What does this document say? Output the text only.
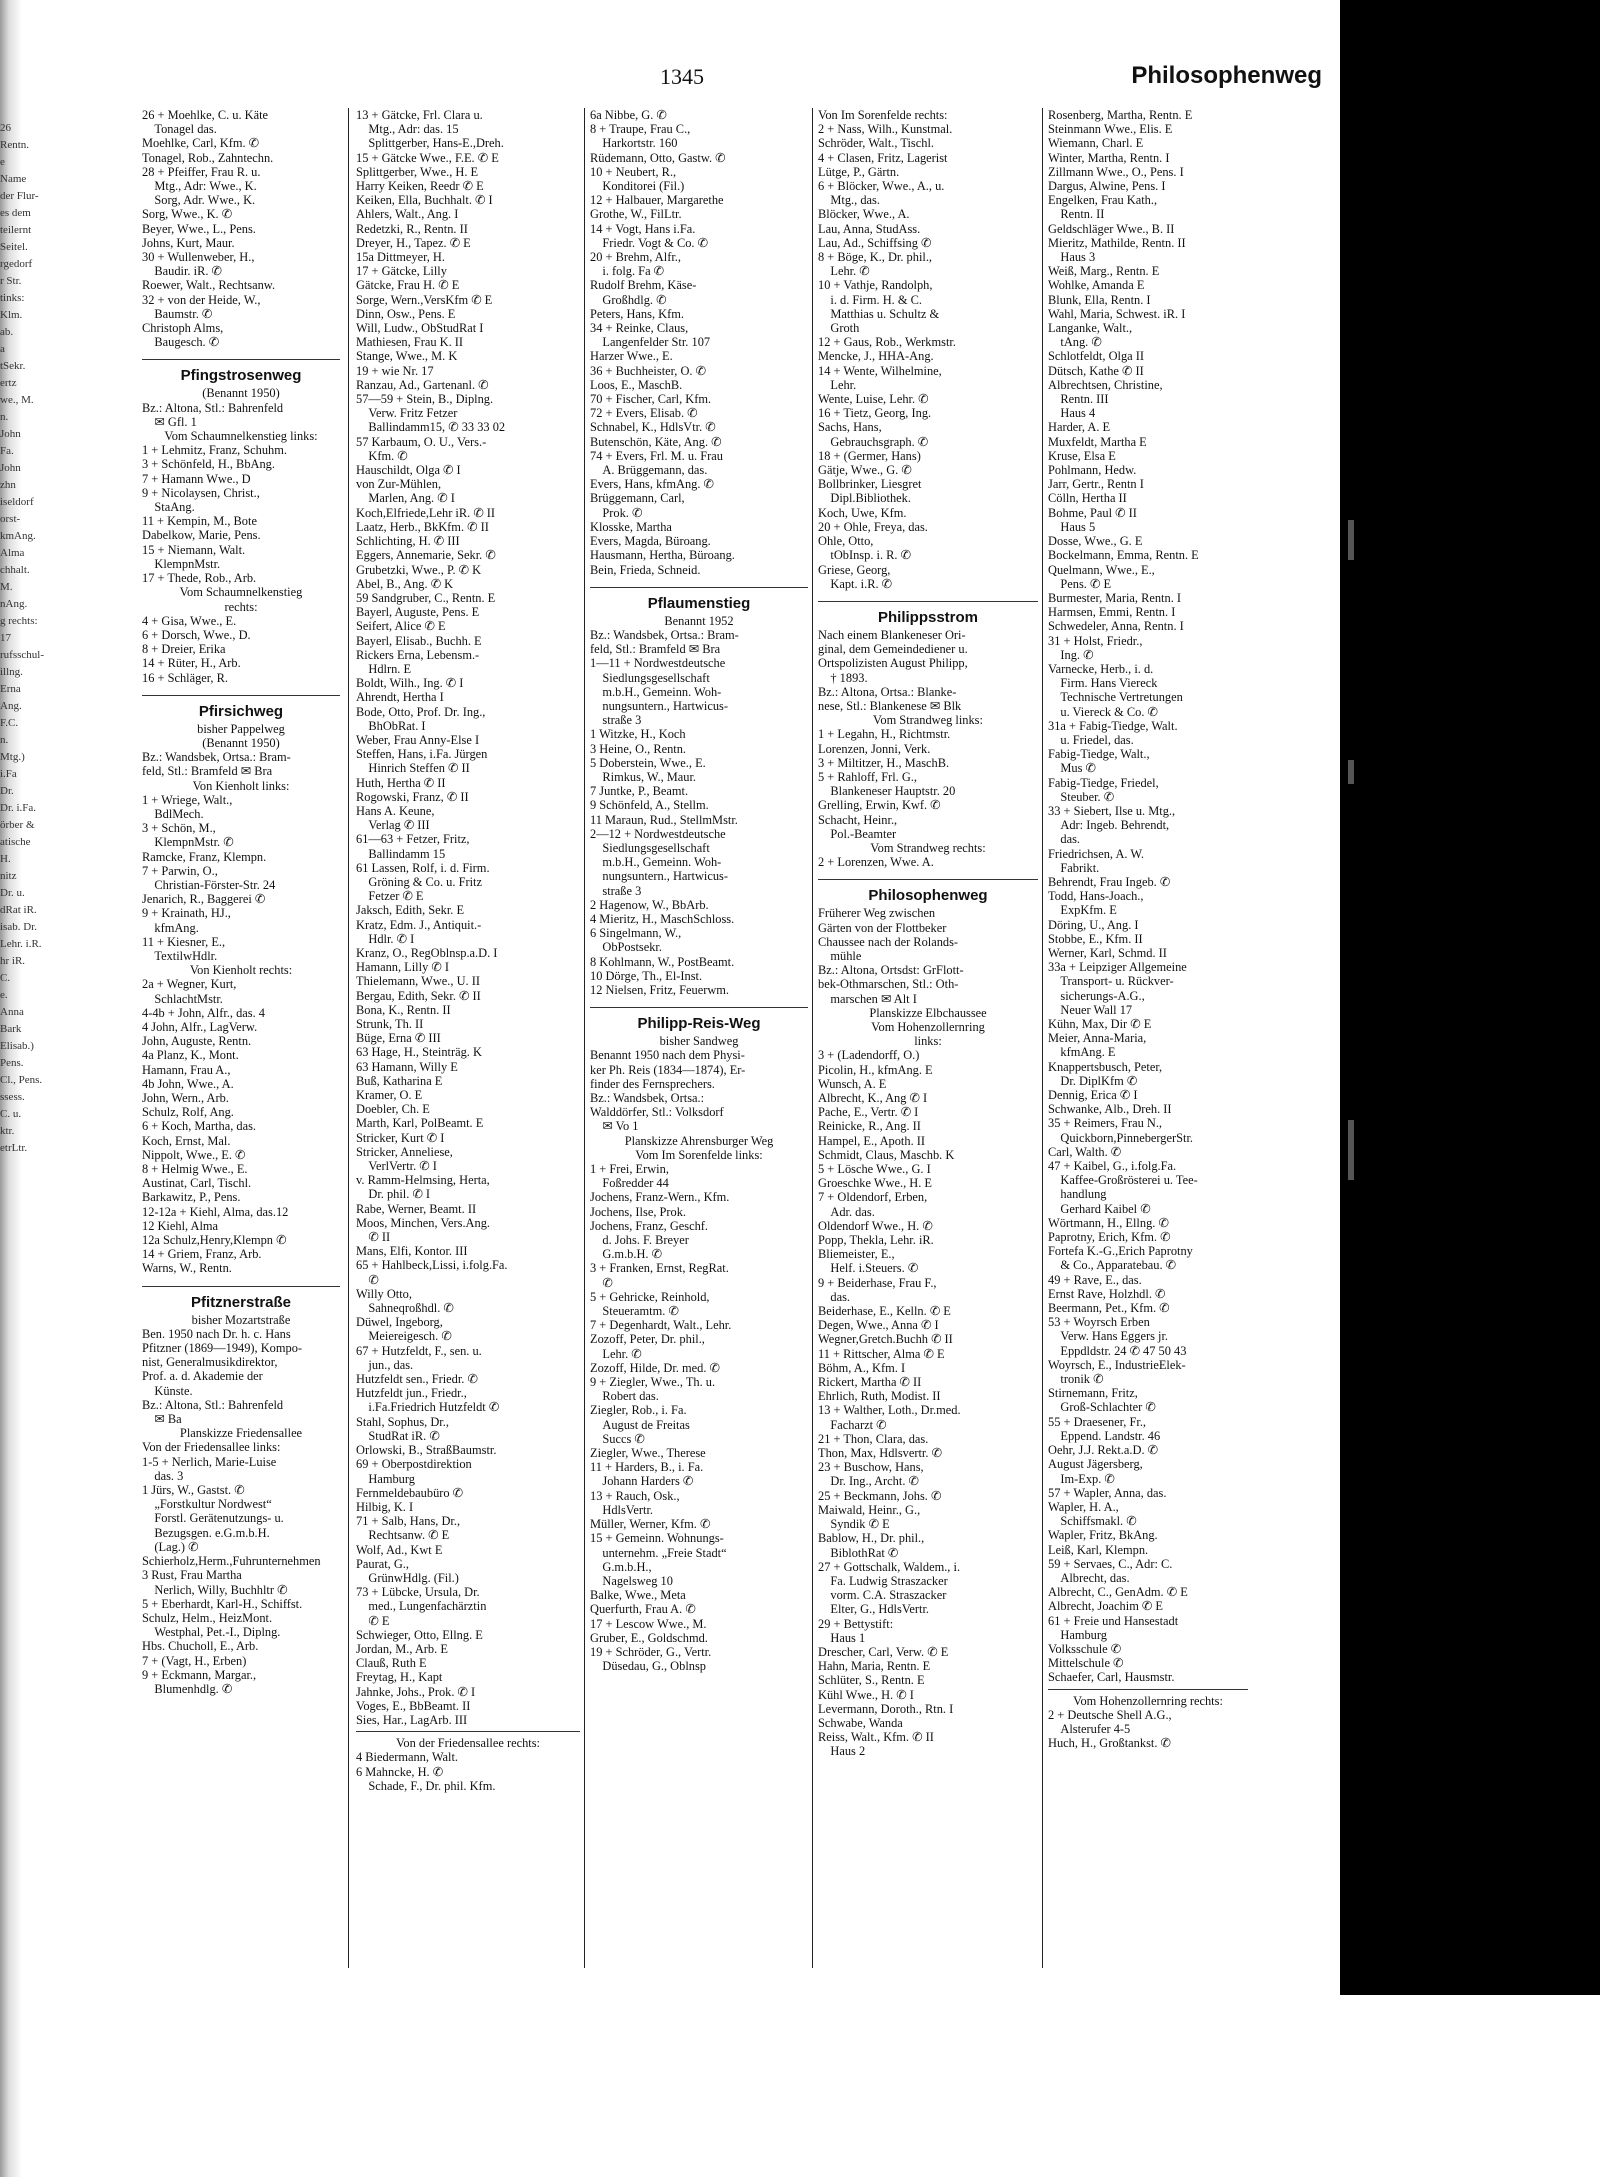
26
Rentn.
e
Name
der Flur-
es dem
teilernt
Seitel.
rgedorf
r Str.
tinks:
Klm.
ab.
a
tSekr.
ertz
we., M.
n.
John
Fa.
John
zhn
iseldorf
orst-
kmAng.
Alma
chhalt.
M.
nAng.
g rechts:
17
rufsschul-
illng.
Erna
Ang.
F.C.
n.
Mtg.)
i.Fa
Dr.
Dr. i.Fa.
örber &
atische
H.
nitz
Dr. u.
dRat iR.
isab. Dr.
Lehr. i.R.
hr iR.
C.
e.
Anna
Bark
Elisab.)
Pens.
Cl., Pens.
ssess.
C. u.
ktr.
etrLtr.
1345	Philosophenweg
26 + Moehlke, C. u. Käte
 Tonagel das.
Moehlke, Carl, Kfm. ✆
Tonagel, Rob., Zahntechn.
28 + Pfeiffer, Frau R. u.
 Mtg., Adr: Wwe., K.
 Sorg, Adr. Wwe., K.
Sorg, Wwe., K. ✆
Beyer, Wwe., L., Pens.
Johns, Kurt, Maur.
30 + Wullenweber, H.,
 Baudir. iR. ✆
Roewer, Walt., Rechtsanw.
32 + von der Heide, W.,
 Baumstr. ✆
Christoph Alms,
 Baugesch. ✆
Pfingstrosenweg
(Benannt 1950)
Bz.: Altona, Stl.: Bahrenfeld
 ✉ Gfl. 1
Vom Schaumnelkenstieg links:
1 + Lehmitz, Franz, Schuhm.
3 + Schönfeld, H., BbAng.
7 + Hamann Wwe., D
9 + Nicolaysen, Christ.,
 StaAng.
11 + Kempin, M., Bote
Dabelkow, Marie, Pens.
15 + Niemann, Walt.
 KlempnMstr.
17 + Thede, Rob., Arb.
Vom Schaumnelkenstieg
rechts:
4 + Gisa, Wwe., E.
6 + Dorsch, Wwe., D.
8 + Dreier, Erika
14 + Rüter, H., Arb.
16 + Schläger, R.
Pfirsichweg
bisher Pappelweg
(Benannt 1950)
Bz.: Wandsbek, Ortsa.: Bram-
feld, Stl.: Bramfeld ✉ Bra
Von Kienholt links:
1 + Wriege, Walt.,
 BdlMech.
3 + Schön, M.,
 KlempnMstr. ✆
Ramcke, Franz, Klempn.
7 + Parwin, O.,
 Christian-Förster-Str. 24
Jenarich, R., Baggerei ✆
9 + Krainath, HJ.,
 kfmAng.
11 + Kiesner, E.,
 TextilwHdlr.
Von Kienholt rechts:
2a + Wegner, Kurt,
 SchlachtMstr.
4-4b + John, Alfr., das. 4
4 John, Alfr., LagVerw.
John, Auguste, Rentn.
4a Planz, K., Mont.
Hamann, Frau A.,
4b John, Wwe., A.
John, Wern., Arb.
Schulz, Rolf, Ang.
6 + Koch, Martha, das.
Koch, Ernst, Mal.
Nippolt, Wwe., E. ✆
8 + Helmig Wwe., E.
Austinat, Carl, Tischl.
Barkawitz, P., Pens.
12-12a + Kiehl, Alma, das.12
12 Kiehl, Alma
12a Schulz,Henry,Klempn ✆
14 + Griem, Franz, Arb.
Warns, W., Rentn.
Pfitznerstraße
bisher Mozartstraße
Ben. 1950 nach Dr. h. c. Hans
Pfitzner (1869—1949), Kompo-
nist, Generalmusikdirektor,
Prof. a. d. Akademie der
 Künste.
Bz.: Altona, Stl.: Bahrenfeld
 ✉ Ba
Planskizze Friedensallee
Von der Friedensallee links:
1-5 + Nerlich, Marie-Luise
 das. 3
1 Jürs, W., Gastst. ✆
 „Forstkultur Nordwest“
 Forstl. Gerätenutzungs- u.
 Bezugsgen. e.G.m.b.H.
 (Lag.) ✆
Schierholz,Herm.,Fuhrunternehmen
3 Rust, Frau Martha
 Nerlich, Willy, Buchhltr ✆
5 + Eberhardt, Karl-H., Schiffst.
Schulz, Helm., HeizMont.
 Westphal, Pet.-I., Diplng.
Hbs. Chucholl, E., Arb.
7 + (Vagt, H., Erben)
9 + Eckmann, Margar.,
 Blumenhdlg. ✆
13 + Gätcke, Frl. Clara u.
 Mtg., Adr: das. 15
 Splittgerber, Hans-E.,Dreh.
15 + Gätcke Wwe., F.E. ✆ E
Splittgerber, Wwe., H. E
Harry Keiken, Reedr ✆ E
Keiken, Ella, Buchhalt. ✆ I
Ahlers, Walt., Ang. I
Redetzki, R., Rentn. II
Dreyer, H., Tapez. ✆ E
15a Dittmeyer, H.
17 + Gätcke, Lilly
Gätcke, Frau H. ✆ E
Sorge, Wern.,VersKfm ✆ E
Dinn, Osw., Pens. E
Will, Ludw., ObStudRat I
Mathiesen, Frau K. II
Stange, Wwe., M. K
19 + wie Nr. 17
Ranzau, Ad., Gartenanl. ✆
57—59 + Stein, B., Diplng.
 Verw. Fritz Fetzer
 Ballindamm15, ✆ 33 33 02
57 Karbaum, O. U., Vers.-
 Kfm. ✆
Hauschildt, Olga ✆ I
von Zur-Mühlen,
 Marlen, Ang. ✆ I
Koch,Elfriede,Lehr iR. ✆ II
Laatz, Herb., BkKfm. ✆ II
Schlichting, H. ✆ III
Eggers, Annemarie, Sekr. ✆
Grubetzki, Wwe., P. ✆ K
Abel, B., Ang. ✆ K
59 Sandgruber, C., Rentn. E
Bayerl, Auguste, Pens. E
Seifert, Alice ✆ E
Bayerl, Elisab., Buchh. E
Rickers Erna, Lebensm.-
 Hdlrn. E
Boldt, Wilh., Ing. ✆ I
Ahrendt, Hertha I
Bode, Otto, Prof. Dr. Ing.,
 BhObRat. I
Weber, Frau Anny-Else I
Steffen, Hans, i.Fa. Jürgen
 Hinrich Steffen ✆ II
Huth, Hertha ✆ II
Rogowski, Franz, ✆ II
Hans A. Keune,
 Verlag ✆ III
61—63 + Fetzer, Fritz,
 Ballindamm 15
61 Lassen, Rolf, i. d. Firm.
 Gröning & Co. u. Fritz
 Fetzer ✆ E
Jaksch, Edith, Sekr. E
Kratz, Edm. J., Antiquit.-
 Hdlr. ✆ I
Kranz, O., RegOblnsp.a.D. I
Hamann, Lilly ✆ I
Thielemann, Wwe., U. II
Bergau, Edith, Sekr. ✆ II
Bona, K., Rentn. II
Strunk, Th. II
Büge, Erna ✆ III
63 Hage, H., Steinträg. K
63 Hamann, Willy E
Buß, Katharina E
Kramer, O. E
Doebler, Ch. E
Marth, Karl, PolBeamt. E
Stricker, Kurt ✆ I
Stricker, Anneliese,
 VerlVertr. ✆ I
v. Ramm-Helmsing, Herta,
 Dr. phil. ✆ I
Rabe, Werner, Beamt. II
Moos, Minchen, Vers.Ang.
 ✆ II
Mans, Elfi, Kontor. III
65 + Hahlbeck,Lissi, i.folg.Fa.
 ✆
Willy Otto,
 Sahneqroßhdl. ✆
Düwel, Ingeborg,
 Meiereigesch. ✆
67 + Hutzfeldt, F., sen. u.
 jun., das.
Hutzfeldt sen., Friedr. ✆
Hutzfeldt jun., Friedr.,
 i.Fa.Friedrich Hutzfeldt ✆
Stahl, Sophus, Dr.,
 StudRat iR. ✆
Orlowski, B., StraßBaumstr.
69 + Oberpostdirektion
 Hamburg
Fernmeldebaubüro ✆
Hilbig, K. I
71 + Salb, Hans, Dr.,
 Rechtsanw. ✆ E
Wolf, Ad., Kwt E
Paurat, G.,
 GrünwHdlg. (Fil.)
73 + Lübcke, Ursula, Dr.
 med., Lungenfachärztin
 ✆ E
Schwieger, Otto, Ellng. E
Jordan, M., Arb. E
Clauß, Ruth E
Freytag, H., Kapt
Jahnke, Johs., Prok. ✆ I
Voges, E., BbBeamt. II
Sies, Har., LagArb. III
Von der Friedensallee rechts:
4 Biedermann, Walt.
6 Mahncke, H. ✆
 Schade, F., Dr. phil. Kfm.
6a Nibbe, G. ✆
8 + Traupe, Frau C.,
 Harkortstr. 160
Rüdemann, Otto, Gastw. ✆
10 + Neubert, R.,
 Konditorei (Fil.)
12 + Halbauer, Margarethe
Grothe, W., FilLtr.
14 + Vogt, Hans i.Fa.
 Friedr. Vogt & Co. ✆
20 + Brehm, Alfr.,
 i. folg. Fa ✆
Rudolf Brehm, Käse-
 Großhdlg. ✆
Peters, Hans, Kfm.
34 + Reinke, Claus,
 Langenfelder Str. 107
Harzer Wwe., E.
36 + Buchheister, O. ✆
Loos, E., MaschB.
70 + Fischer, Carl, Kfm.
72 + Evers, Elisab. ✆
Schnabel, K., HdlsVtr. ✆
Butenschön, Käte, Ang. ✆
74 + Evers, Frl. M. u. Frau
 A. Brüggemann, das.
Evers, Hans, kfmAng. ✆
Brüggemann, Carl,
 Prok. ✆
Klosske, Martha
Evers, Magda, Büroang.
Hausmann, Hertha, Büroang.
Bein, Frieda, Schneid.
Pflaumenstieg
Benannt 1952
Bz.: Wandsbek, Ortsa.: Bram-
feld, Stl.: Bramfeld ✉ Bra
1—11 + Nordwestdeutsche
 Siedlungsgesellschaft
 m.b.H., Gemeinn. Woh-
 nungsuntern., Hartwicus-
 straße 3
1 Witzke, H., Koch
3 Heine, O., Rentn.
5 Doberstein, Wwe., E.
 Rimkus, W., Maur.
7 Juntke, P., Beamt.
9 Schönfeld, A., Stellm.
11 Maraun, Rud., StellmMstr.
2—12 + Nordwestdeutsche
 Siedlungsgesellschaft
 m.b.H., Gemeinn. Woh-
 nungsuntern., Hartwicus-
 straße 3
2 Hagenow, W., BbArb.
4 Mieritz, H., MaschSchloss.
6 Singelmann, W.,
 ObPostsekr.
8 Kohlmann, W., PostBeamt.
10 Dörge, Th., El-Inst.
12 Nielsen, Fritz, Feuerwm.
Philipp-Reis-Weg
bisher Sandweg
Benannt 1950 nach dem Physi-
ker Ph. Reis (1834—1874), Er-
finder des Fernsprechers.
Bz.: Wandsbek, Ortsa.:
Walddörfer, Stl.: Volksdorf
 ✉ Vo 1
Planskizze Ahrensburger Weg
Vom Im Sorenfelde links:
1 + Frei, Erwin,
 Foßredder 44
Jochens, Franz-Wern., Kfm.
Jochens, Ilse, Prok.
Jochens, Franz, Geschf.
 d. Johs. F. Breyer
 G.m.b.H. ✆
3 + Franken, Ernst, RegRat.
 ✆
5 + Gehricke, Reinhold,
 Steueramtm. ✆
7 + Degenhardt, Walt., Lehr.
Zozoff, Peter, Dr. phil.,
 Lehr. ✆
Zozoff, Hilde, Dr. med. ✆
9 + Ziegler, Wwe., Th. u.
 Robert das.
Ziegler, Rob., i. Fa.
 August de Freitas
 Succs ✆
Ziegler, Wwe., Therese
11 + Harders, B., i. Fa.
 Johann Harders ✆
13 + Rauch, Osk.,
 HdlsVertr.
Müller, Werner, Kfm. ✆
15 + Gemeinn. Wohnungs-
 unternehm. „Freie Stadt“
 G.m.b.H.,
 Nagelsweg 10
Balke, Wwe., Meta
Querfurth, Frau A. ✆
17 + Lescow Wwe., M.
Gruber, E., Goldschmd.
19 + Schröder, G., Vertr.
 Düsedau, G., Oblnsp
Von Im Sorenfelde rechts:
2 + Nass, Wilh., Kunstmal.
Schröder, Walt., Tischl.
4 + Clasen, Fritz, Lagerist
Lütge, P., Gärtn.
6 + Blöcker, Wwe., A., u.
 Mtg., das.
Blöcker, Wwe., A.
Lau, Anna, StudAss.
Lau, Ad., Schiffsing ✆
8 + Böge, K., Dr. phil.,
 Lehr. ✆
10 + Vathje, Randolph,
 i. d. Firm. H. & C.
 Matthias u. Schultz &
 Groth
12 + Gaus, Rob., Werkmstr.
Mencke, J., HHA-Ang.
14 + Wente, Wilhelmine,
 Lehr.
Wente, Luise, Lehr. ✆
16 + Tietz, Georg, Ing.
Sachs, Hans,
 Gebrauchsgraph. ✆
18 + (Germer, Hans)
Gätje, Wwe., G. ✆
Bollbrinker, Liesgret
 Dipl.Bibliothek.
Koch, Uwe, Kfm.
20 + Ohle, Freya, das.
Ohle, Otto,
 tObInsp. i. R. ✆
Griese, Georg,
 Kapt. i.R. ✆
Philippsstrom
Nach einem Blankeneser Ori-
ginal, dem Gemeindediener u.
Ortspolizisten August Philipp,
 † 1893.
Bz.: Altona, Ortsa.: Blanke-
nese, Stl.: Blankenese ✉ Blk
Vom Strandweg links:
1 + Legahn, H., Richtmstr.
Lorenzen, Jonni, Verk.
3 + Miltitzer, H., MaschB.
5 + Rahloff, Frl. G.,
 Blankeneser Hauptstr. 20
Grelling, Erwin, Kwf. ✆
Schacht, Heinr.,
 Pol.-Beamter
Vom Strandweg rechts:
2 + Lorenzen, Wwe. A.
Philosophenweg
Früherer Weg zwischen
Gärten von der Flottbeker
Chaussee nach der Rolands-
 mühle
Bz.: Altona, Ortsdst: GrFlott-
bek-Othmarschen, Stl.: Oth-
 marschen ✉ Alt I
Planskizze Elbchaussee
Vom Hohenzollernring
links:
3 + (Ladendorff, O.)
Picolin, H., kfmAng. E
Wunsch, A. E
Albrecht, K., Ang ✆ I
Pache, E., Vertr. ✆ I
Reinicke, R., Ang. II
Hampel, E., Apoth. II
Schmidt, Claus, Maschb. K
5 + Lösche Wwe., G. I
Groeschke Wwe., H. E
7 + Oldendorf, Erben,
 Adr. das.
Oldendorf Wwe., H. ✆
Popp, Thekla, Lehr. iR.
Bliemeister, E.,
 Helf. i.Steuers. ✆
9 + Beiderhase, Frau F.,
 das.
Beiderhase, E., Kelln. ✆ E
Degen, Wwe., Anna ✆ I
Wegner,Gretch.Buchh ✆ II
11 + Rittscher, Alma ✆ E
Böhm, A., Kfm. I
Rickert, Martha ✆ II
Ehrlich, Ruth, Modist. II
13 + Walther, Loth., Dr.med.
 Facharzt ✆
21 + Thon, Clara, das.
Thon, Max, Hdlsvertr. ✆
23 + Buschow, Hans,
 Dr. Ing., Archt. ✆
25 + Beckmann, Johs. ✆
Maiwald, Heinr., G.,
 Syndik ✆ E
Bablow, H., Dr. phil.,
 BiblothRat ✆
27 + Gottschalk, Waldem., i.
 Fa. Ludwig Straszacker
 vorm. C.A. Straszacker
 Elter, G., HdlsVertr.
29 + Bettystift:
 Haus 1
Drescher, Carl, Verw. ✆ E
Hahn, Maria, Rentn. E
Schlüter, S., Rentn. E
Kühl Wwe., H. ✆ I
Levermann, Doroth., Rtn. I
Schwabe, Wanda
Reiss, Walt., Kfm. ✆ II
 Haus 2
Rosenberg, Martha, Rentn. E
Steinmann Wwe., Elis. E
Wiemann, Charl. E
Winter, Martha, Rentn. I
Zillmann Wwe., O., Pens. I
Dargus, Alwine, Pens. I
Engelken, Frau Kath.,
 Rentn. II
Geldschläger Wwe., B. II
Mieritz, Mathilde, Rentn. II
 Haus 3
Weiß, Marg., Rentn. E
Wohlke, Amanda E
Blunk, Ella, Rentn. I
Wahl, Maria, Schwest. iR. I
Langanke, Walt.,
 tAng. ✆
Schlotfeldt, Olga II
Dütsch, Kathe ✆ II
Albrechtsen, Christine,
 Rentn. III
 Haus 4
Harder, A. E
Muxfeldt, Martha E
Kruse, Elsa E
Pohlmann, Hedw.
Jarr, Gertr., Rentn I
Cölln, Hertha II
Bohme, Paul ✆ II
 Haus 5
Dosse, Wwe., G. E
Bockelmann, Emma, Rentn. E
Quelmann, Wwe., E.,
 Pens. ✆ E
Burmester, Maria, Rentn. I
Harmsen, Emmi, Rentn. I
Schwedeler, Anna, Rentn. I
31 + Holst, Friedr.,
 Ing. ✆
Varnecke, Herb., i. d.
 Firm. Hans Viereck
 Technische Vertretungen
 u. Viereck & Co. ✆
31a + Fabig-Tiedge, Walt.
 u. Friedel, das.
Fabig-Tiedge, Walt.,
 Mus ✆
Fabig-Tiedge, Friedel,
 Steuber. ✆
33 + Siebert, Ilse u. Mtg.,
 Adr: Ingeb. Behrendt,
 das.
Friedrichsen, A. W.
 Fabrikt.
Behrendt, Frau Ingeb. ✆
Todd, Hans-Joach.,
 ExpKfm. E
Döring, U., Ang. I
Stobbe, E., Kfm. II
Werner, Karl, Schmd. II
33a + Leipziger Allgemeine
 Transport- u. Rückver-
 sicherungs-A.G.,
 Neuer Wall 17
Kühn, Max, Dir ✆ E
Meier, Anna-Maria,
 kfmAng. E
Knappertsbusch, Peter,
 Dr. DiplKfm ✆
Dennig, Erica ✆ I
Schwanke, Alb., Dreh. II
35 + Reimers, Frau N.,
 Quickborn,PinnebergerStr.
Carl, Walth. ✆
47 + Kaibel, G., i.folg.Fa.
 Kaffee-Großrösterei u. Tee-
 handlung
 Gerhard Kaibel ✆
Wörtmann, H., Ellng. ✆
Paprotny, Erich, Kfm. ✆
Fortefa K.-G.,Erich Paprotny
 & Co., Apparatebau. ✆
49 + Rave, E., das.
Ernst Rave, Holzhdl. ✆
Beermann, Pet., Kfm. ✆
53 + Woyrsch Erben
 Verw. Hans Eggers jr.
 Eppdldstr. 24 ✆ 47 50 43
Woyrsch, E., IndustrieElek-
 tronik ✆
Stirnemann, Fritz,
 Groß-Schlachter ✆
55 + Draesener, Fr.,
 Eppend. Landstr. 46
Oehr, J.J. Rekt.a.D. ✆
August Jägersberg,
 Im-Exp. ✆
57 + Wapler, Anna, das.
Wapler, H. A.,
 Schiffsmakl. ✆
Wapler, Fritz, BkAng.
Leiß, Karl, Klempn.
59 + Servaes, C., Adr: C.
 Albrecht, das.
Albrecht, C., GenAdm. ✆ E
Albrecht, Joachim ✆ E
61 + Freie und Hansestadt
 Hamburg
Volksschule ✆
Mittelschule ✆
Schaefer, Carl, Hausmstr.
Vom Hohenzollernring rechts:
2 + Deutsche Shell A.G.,
 Alsterufer 4-5
Huch, H., Großtankst. ✆
